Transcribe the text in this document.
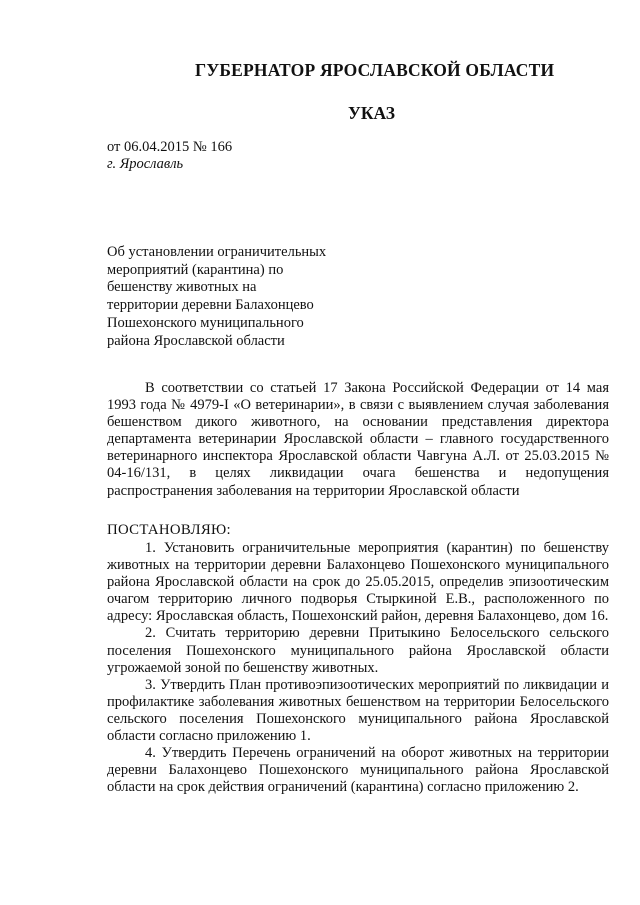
ГУБЕРНАТОР ЯРОСЛАВСКОЙ ОБЛАСТИ
УКАЗ
от 06.04.2015 № 166
г. Ярославль
Об установлении ограничительных
мероприятий (карантина) по
бешенству животных на
территории деревни Балахонцево
Пошехонского муниципального
района Ярославской области
В соответствии со статьей 17 Закона Российской Федерации от 14 мая 1993 года № 4979-I «О ветеринарии», в связи с выявлением случая заболевания бешенством дикого животного, на основании представления директора департамента ветеринарии Ярославской области – главного государственного ветеринарного инспектора Ярославской области Чавгуна А.Л. от 25.03.2015 № 04-16/131, в целях ликвидации очага бешенства и недопущения распространения заболевания на территории Ярославской области
ПОСТАНОВЛЯЮ:
1. Установить ограничительные мероприятия (карантин) по бешенству животных на территории деревни Балахонцево Пошехонского муниципального района Ярославской области на срок до 25.05.2015, определив эпизоотическим очагом территорию личного подворья Стыркиной Е.В., расположенного по адресу: Ярославская область, Пошехонский район, деревня Балахонцево, дом 16.
2. Считать территорию деревни Притыкино Белосельского сельского поселения Пошехонского муниципального района Ярославской области угрожаемой зоной по бешенству животных.
3. Утвердить План противоэпизоотических мероприятий по ликвидации и профилактике заболевания животных бешенством на территории Белосельского сельского поселения Пошехонского муниципального района Ярославской области согласно приложению 1.
4. Утвердить Перечень ограничений на оборот животных на территории деревни Балахонцево Пошехонского муниципального района Ярославской области на срок действия ограничений (карантина) согласно приложению 2.
